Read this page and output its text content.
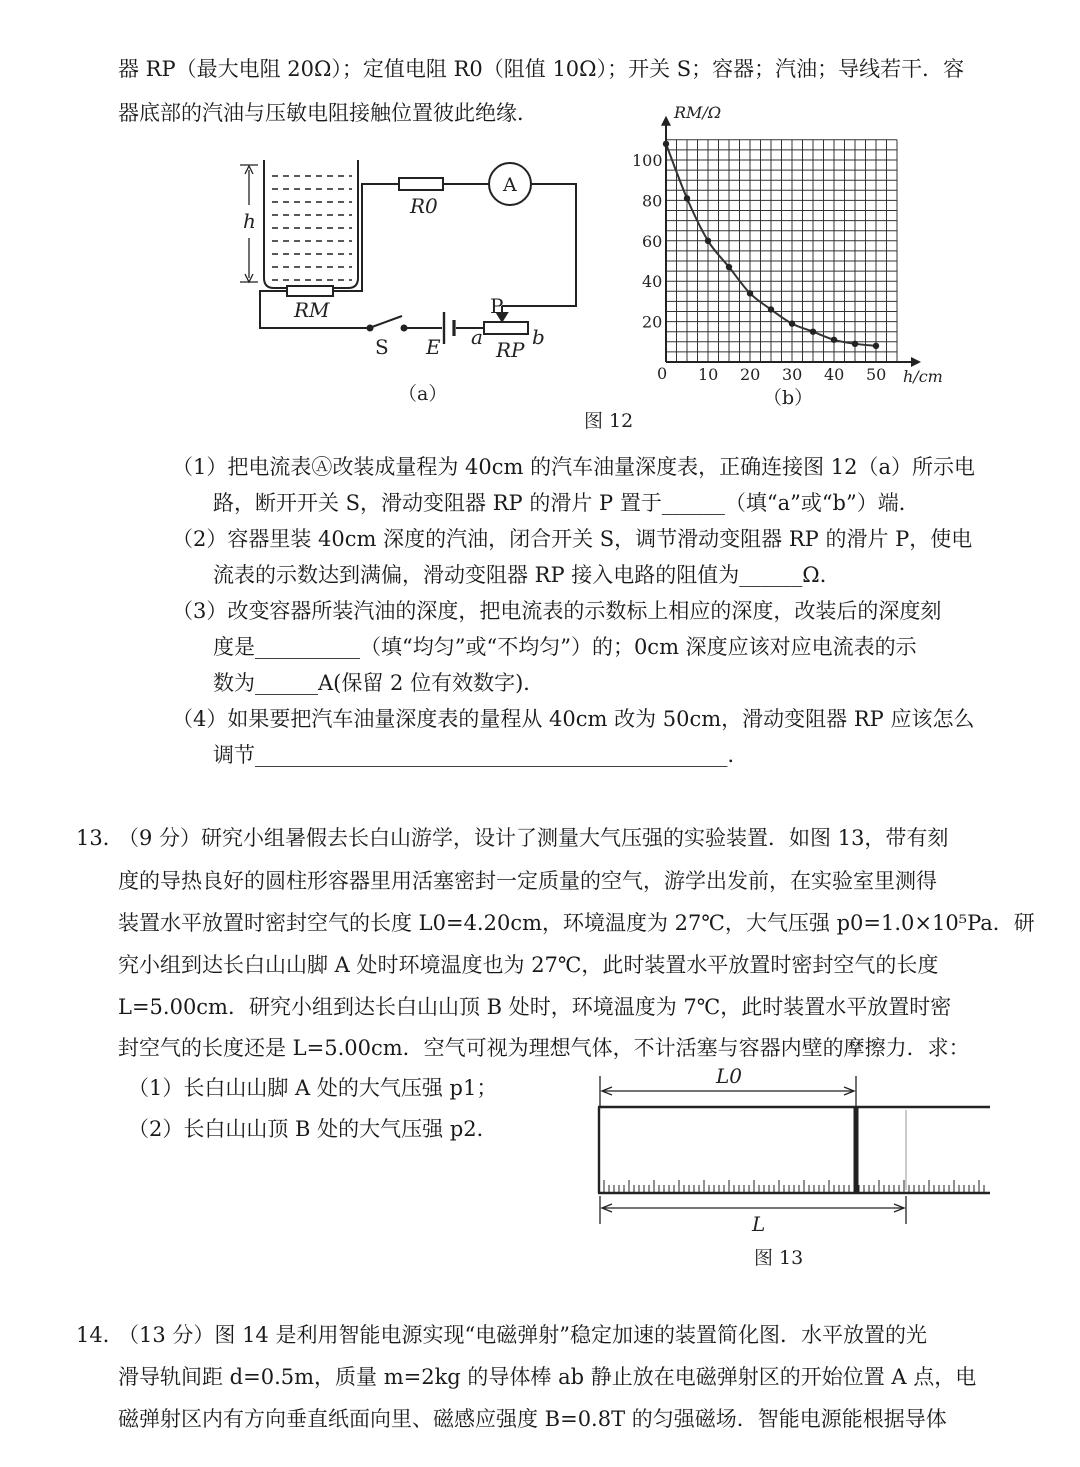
器 RP（最大电阻 20Ω）；定值电阻 R0（阻值 10Ω）；开关 S；容器；汽油；导线若干．容
器底部的汽油与压敏电阻接触位置彼此绝缘．
h
R0
A
RM	P
S E a b
RP
（a）
10 20 30 40 50
20
40
60
80
100
RM/Ω
h/cm
0
（b）
图 12
L0
L
图 13
（1）把电流表Ⓐ改装成量程为 40cm 的汽车油量深度表，正确连接图 12（a）所示电
路，断开开关 S，滑动变阻器 RP 的滑片 P 置于______（填“a”或“b”）端．
（2）容器里装 40cm 深度的汽油，闭合开关 S，调节滑动变阻器 RP 的滑片 P，使电
流表的示数达到满偏，滑动变阻器 RP 接入电路的阻值为______Ω．
（3）改变容器所装汽油的深度，把电流表的示数标上相应的深度，改装后的深度刻
度是__________（填“均匀”或“不均匀”）的；0cm 深度应该对应电流表的示
数为______A(保留 2 位有效数字)．
（4）如果要把汽车油量深度表的量程从 40cm 改为 50cm，滑动变阻器 RP 应该怎么
调节_____________________________________________．
13．
（9 分）研究小组暑假去长白山游学，设计了测量大气压强的实验装置．如图 13，带有刻
度的导热良好的圆柱形容器里用活塞密封一定质量的空气，游学出发前，在实验室里测得
装置水平放置时密封空气的长度 L0=4.20cm，环境温度为 27℃，大气压强 p0=1.0×10⁵Pa．研
究小组到达长白山山脚 A 处时环境温度也为 27℃，此时装置水平放置时密封空气的长度
L=5.00cm．研究小组到达长白山山顶 B 处时，环境温度为 7℃，此时装置水平放置时密
封空气的长度还是 L=5.00cm．空气可视为理想气体，不计活塞与容器内壁的摩擦力．求：
（1）长白山山脚 A 处的大气压强 p1；
（2）长白山山顶 B 处的大气压强 p2．
14．
（13 分）图 14 是利用智能电源实现“电磁弹射”稳定加速的装置简化图．水平放置的光
滑导轨间距 d=0.5m，质量 m=2kg 的导体棒 ab 静止放在电磁弹射区的开始位置 A 点，电
磁弹射区内有方向垂直纸面向里、磁感应强度 B=0.8T 的匀强磁场．智能电源能根据导体
